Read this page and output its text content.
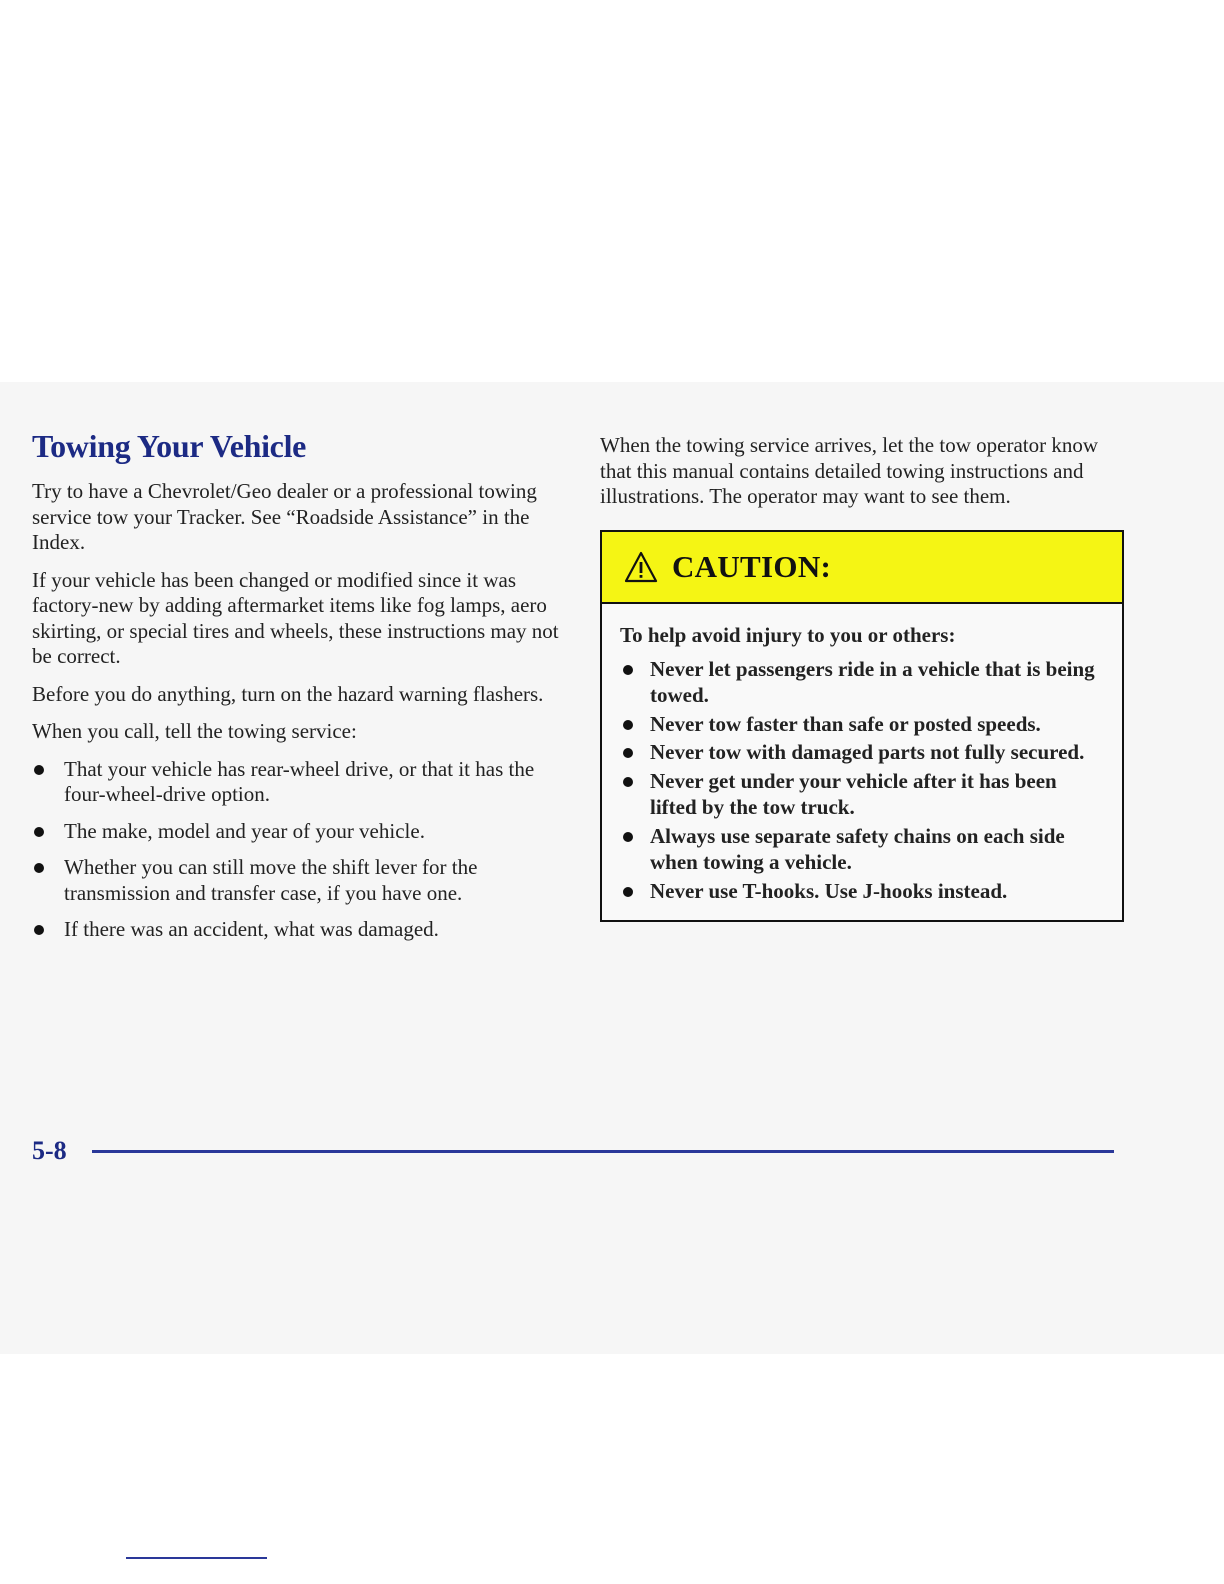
Towing Your Vehicle

Try to have a Chevrolet/Geo dealer or a professional towing service tow your Tracker. See “Roadside Assistance” in the Index.

If your vehicle has been changed or modified since it was factory-new by adding aftermarket items like fog lamps, aero skirting, or special tires and wheels, these instructions may not be correct.

Before you do anything, turn on the hazard warning flashers.

When you call, tell the towing service:

That your vehicle has rear-wheel drive, or that it has the four-wheel-drive option.
The make, model and year of your vehicle.
Whether you can still move the shift lever for the transmission and transfer case, if you have one.
If there was an accident, what was damaged.

When the towing service arrives, let the tow operator know that this manual contains detailed towing instructions and illustrations. The operator may want to see them.

CAUTION:

To help avoid injury to you or others:

Never let passengers ride in a vehicle that is being towed.
Never tow faster than safe or posted speeds.
Never tow with damaged parts not fully secured.
Never get under your vehicle after it has been lifted by the tow truck.
Always use separate safety chains on each side when towing a vehicle.
Never use T-hooks. Use J-hooks instead.
5-8
